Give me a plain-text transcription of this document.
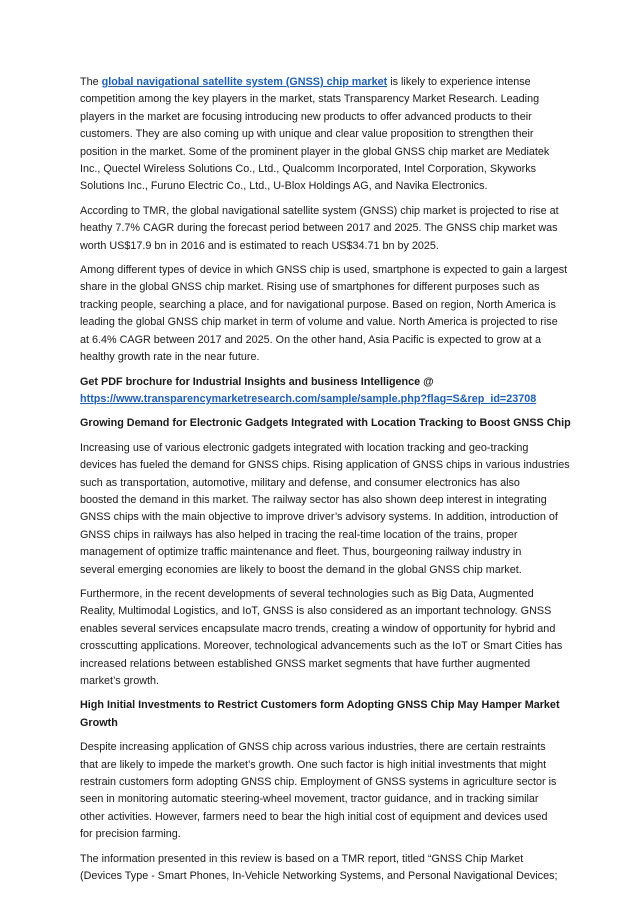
The global navigational satellite system (GNSS) chip market is likely to experience intense
competition among the key players in the market, stats Transparency Market Research. Leading
players in the market are focusing introducing new products to offer advanced products to their
customers. They are also coming up with unique and clear value proposition to strengthen their
position in the market. Some of the prominent player in the global GNSS chip market are Mediatek
Inc., Quectel Wireless Solutions Co., Ltd., Qualcomm Incorporated, Intel Corporation, Skyworks
Solutions Inc., Furuno Electric Co., Ltd., U-Blox Holdings AG, and Navika Electronics.
According to TMR, the global navigational satellite system (GNSS) chip market is projected to rise at
heathy 7.7% CAGR during the forecast period between 2017 and 2025. The GNSS chip market was
worth US$17.9 bn in 2016 and is estimated to reach US$34.71 bn by 2025.
Among different types of device in which GNSS chip is used, smartphone is expected to gain a largest
share in the global GNSS chip market. Rising use of smartphones for different purposes such as
tracking people, searching a place, and for navigational purpose. Based on region, North America is
leading the global GNSS chip market in term of volume and value. North America is projected to rise
at 6.4% CAGR between 2017 and 2025. On the other hand, Asia Pacific is expected to grow at a
healthy growth rate in the near future.
Get PDF brochure for Industrial Insights and business Intelligence @
https://www.transparencymarketresearch.com/sample/sample.php?flag=S&rep_id=23708
Growing Demand for Electronic Gadgets Integrated with Location Tracking to Boost GNSS Chip
Increasing use of various electronic gadgets integrated with location tracking and geo-tracking
devices has fueled the demand for GNSS chips. Rising application of GNSS chips in various industries
such as transportation, automotive, military and defense, and consumer electronics has also
boosted the demand in this market. The railway sector has also shown deep interest in integrating
GNSS chips with the main objective to improve driver’s advisory systems. In addition, introduction of
GNSS chips in railways has also helped in tracing the real-time location of the trains, proper
management of optimize traffic maintenance and fleet. Thus, bourgeoning railway industry in
several emerging economies are likely to boost the demand in the global GNSS chip market.
Furthermore, in the recent developments of several technologies such as Big Data, Augmented
Reality, Multimodal Logistics, and IoT, GNSS is also considered as an important technology. GNSS
enables several services encapsulate macro trends, creating a window of opportunity for hybrid and
crosscutting applications. Moreover, technological advancements such as the IoT or Smart Cities has
increased relations between established GNSS market segments that have further augmented
market’s growth.
High Initial Investments to Restrict Customers form Adopting GNSS Chip May Hamper Market
Growth
Despite increasing application of GNSS chip across various industries, there are certain restraints
that are likely to impede the market’s growth. One such factor is high initial investments that might
restrain customers form adopting GNSS chip. Employment of GNSS systems in agriculture sector is
seen in monitoring automatic steering-wheel movement, tractor guidance, and in tracking similar
other activities. However, farmers need to bear the high initial cost of equipment and devices used
for precision farming.
The information presented in this review is based on a TMR report, titled “GNSS Chip Market
(Devices Type - Smart Phones, In-Vehicle Networking Systems, and Personal Navigational Devices;
